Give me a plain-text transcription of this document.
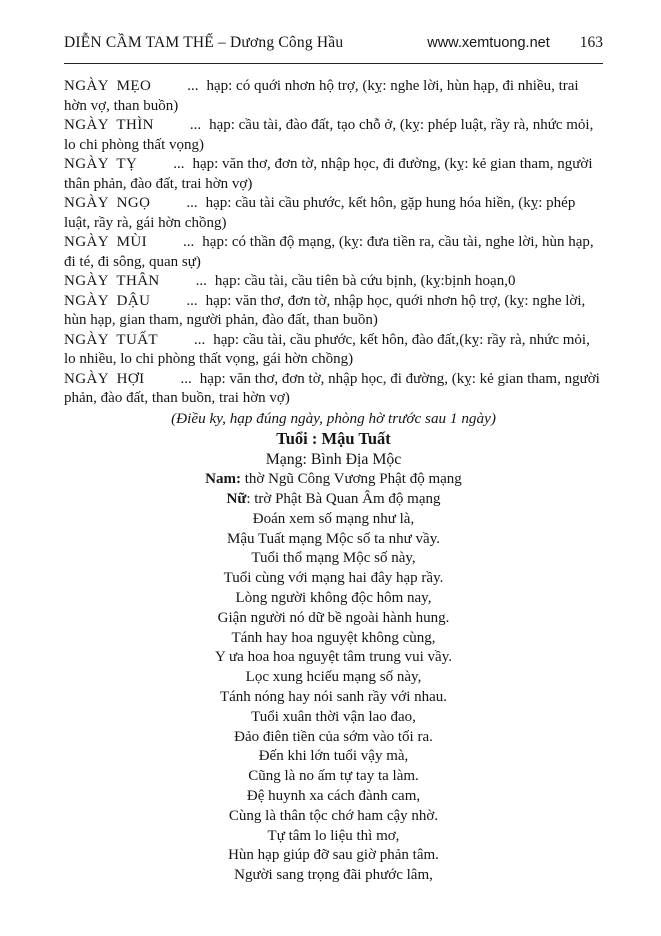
DIỄN CẦM TAM THẾ – Dương Công Hầu	www.xemtuong.net 163

NGÀY  MẸO ... hạp: có quới nhơn hộ trợ, (kỵ: nghe lời, hùn hạp, đi nhiều, trai hờn vợ, than buồn)

NGÀY  THÌN ... hạp: cầu tài, đào đất, tạo chỗ ở, (kỵ: phép luật, rầy rà, nhức mỏi, lo chi phòng thất vọng)

NGÀY  TỴ ... hạp: văn thơ, đơn tờ, nhập học, đi đường, (kỵ: kẻ gian tham, người thân phản, đào đất, trai hờn vợ)

NGÀY  NGỌ ... hạp: cầu tài cầu phước, kết hôn, gặp hung hóa hiền, (kỵ: phép luật, rầy rà, gái hờn chồng)

NGÀY  MÙI ... hạp: có thần độ mạng, (kỵ: đưa tiền ra, cầu tài, nghe lời, hùn hạp, đi té, đi sông, quan sự)

NGÀY  THÂN ... hạp: cầu tài, cầu tiên bà cứu bịnh, (kỵ:bịnh hoạn,0

NGÀY  DẬU ... hạp: văn thơ, đơn tờ, nhập học, quới nhơn hộ trợ, (kỵ: nghe lời, hùn hạp, gian tham, người phản, đào đất, than buồn)

NGÀY  TUẤT ... hạp: cầu tài, cầu phước, kết hôn, đào đất,(kỵ: rầy rà, nhức mỏi, lo nhiều, lo chi phòng thất vọng, gái hờn chồng)

NGÀY  HỢI ... hạp: văn thơ, đơn tờ, nhập học, đi đường, (kỵ: kẻ gian tham, người phản, đào đất, than buồn, trai hờn vợ)

(Điều ky, hạp đúng ngày, phòng hờ trước sau 1 ngày)

Tuổi : Mậu Tuất

Mạng: Bình Địa Mộc

Nam: thờ Ngũ Công Vương Phật độ mạng

Nữ: trờ Phật Bà Quan Âm độ mạng

Đoán xem số mạng như là,

Mậu Tuất mạng Mộc số ta như vầy.

Tuổi thổ mạng Mộc số này,

Tuổi cùng với mạng hai đây hạp rầy.

Lòng người không độc hôm nay,

Giận người nó dữ bề ngoài hành hung.

Tánh hay hoa nguyệt không cùng,

Y ưa hoa hoa nguyệt tâm trung vui vầy.

Lọc xung hciếu mạng số này,

Tánh nóng hay nói sanh rầy với nhau.

Tuổi xuân thời vận lao đao,

Đảo điên tiền của sớm vào tối ra.

Đến khi lớn tuổi vậy mà,

Cũng là no ấm tự tay ta làm.

Đệ huynh xa cách đành cam,

Cùng là thân tộc chớ ham cậy nhờ.

Tự tâm lo liệu thì mơ,

Hùn hạp giúp đỡ sau giờ phản tâm.

Người sang trọng đãi phước lâm,
